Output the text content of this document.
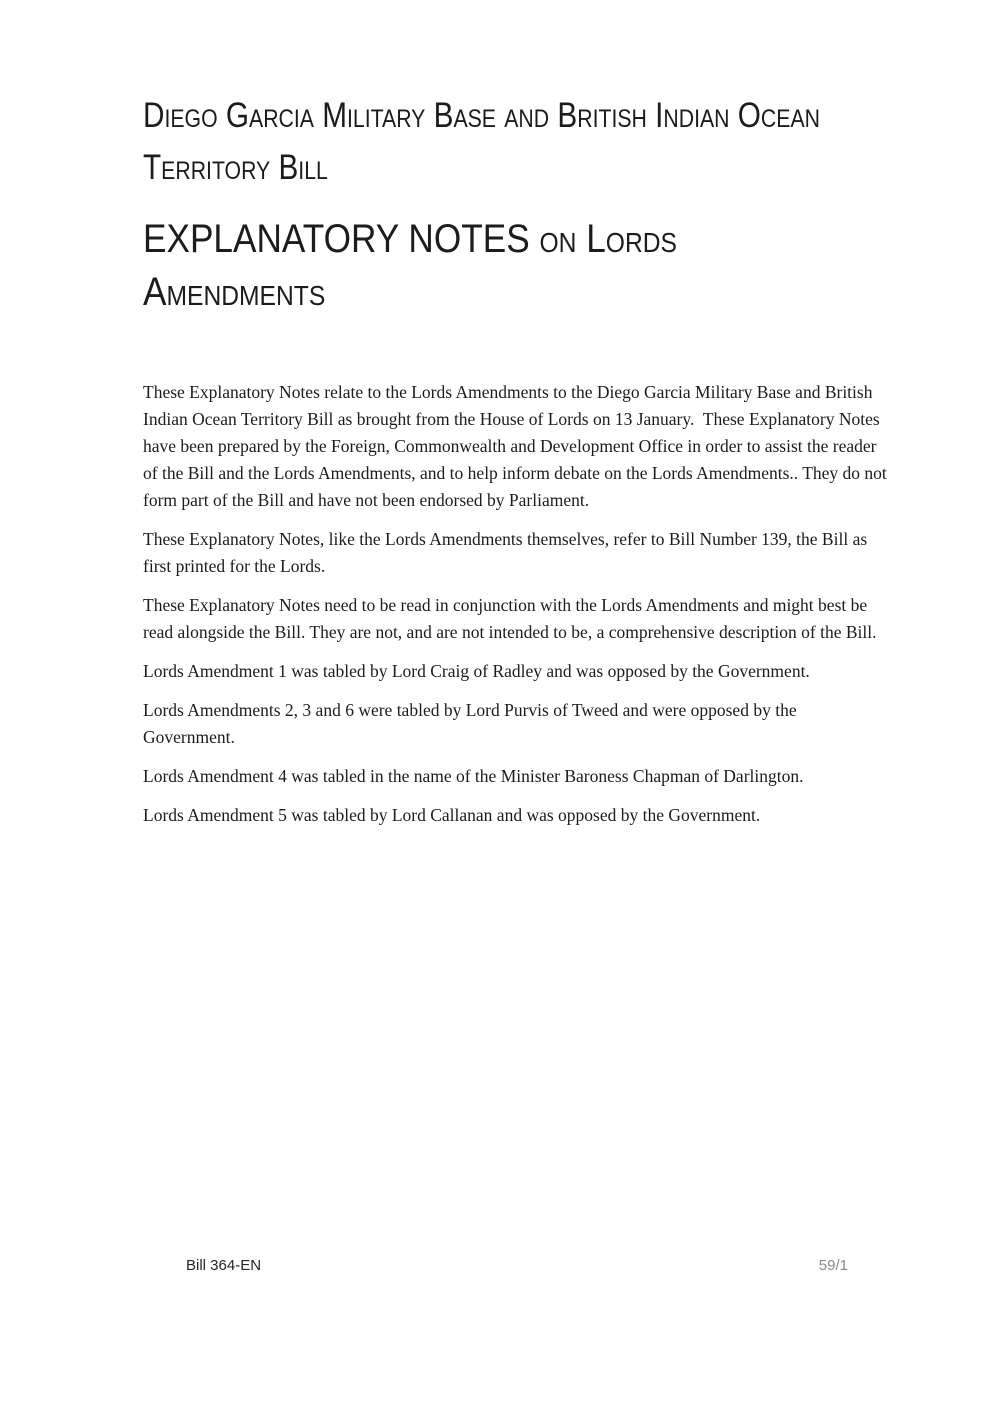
Diego Garcia Military Base and British Indian Ocean
Territory Bill
EXPLANATORY NOTES on Lords
Amendments

These Explanatory Notes relate to the Lords Amendments to the Diego Garcia Military Base and British Indian Ocean Territory Bill as brought from the House of Lords on 13 January.  These Explanatory Notes have been prepared by the Foreign, Commonwealth and Development Office in order to assist the reader of the Bill and the Lords Amendments, and to help inform debate on the Lords Amendments.. They do not form part of the Bill and have not been endorsed by Parliament.

These Explanatory Notes, like the Lords Amendments themselves, refer to Bill Number 139, the Bill as first printed for the Lords.

These Explanatory Notes need to be read in conjunction with the Lords Amendments and might best be read alongside the Bill. They are not, and are not intended to be, a comprehensive description of the Bill.

Lords Amendment 1 was tabled by Lord Craig of Radley and was opposed by the Government.

Lords Amendments 2, 3 and 6 were tabled by Lord Purvis of Tweed and were opposed by the Government.

Lords Amendment 4 was tabled in the name of the Minister Baroness Chapman of Darlington.

Lords Amendment 5 was tabled by Lord Callanan and was opposed by the Government.

Bill 364-EN	59/1
